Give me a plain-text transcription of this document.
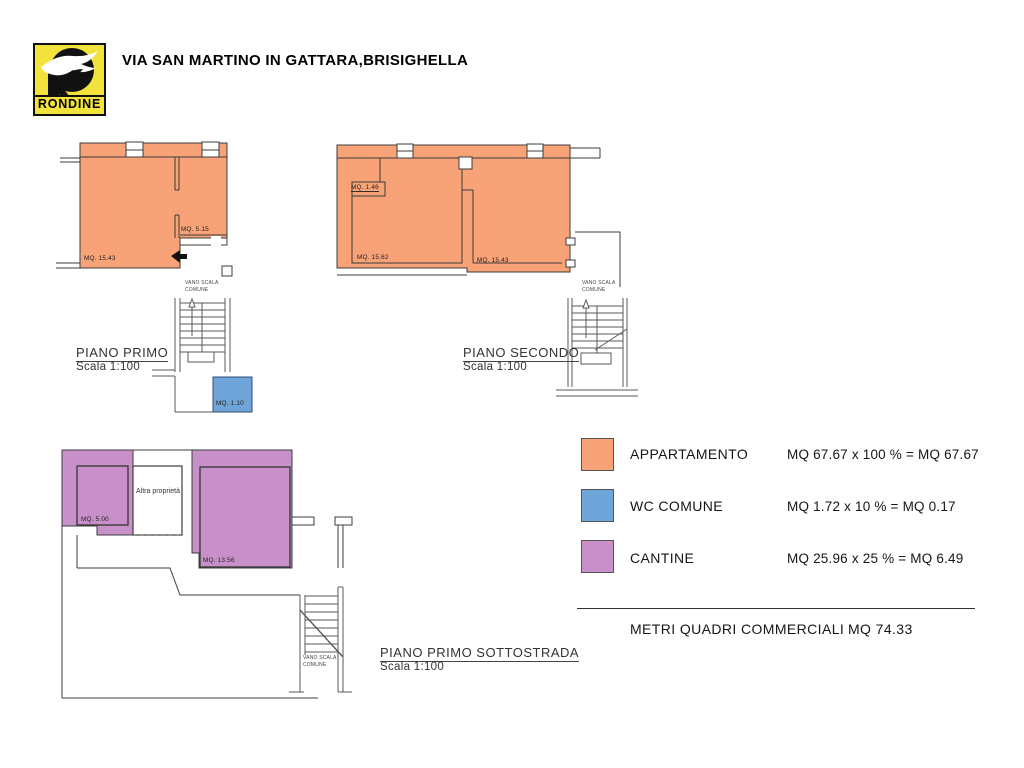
RONDINE
VIA SAN MARTINO IN GATTARA,BRISIGHELLA
MQ. 15.43
MQ. 5.15
MQ. 1.10
VANO SCALA
COMUNE
PIANO PRIMO
Scala 1:100
MQ. 1.46
MQ. 15.62	MQ. 15.43
VANO SCALA
COMUNE
PIANO SECONDO
Scala 1:100
MQ. 5.00
Altra proprietà
MQ. 13.56
VANO SCALA
COMUNE
PIANO PRIMO SOTTOSTRADA
Scala 1:100
APPARTAMENTO	MQ 67.67 x 100 % = MQ 67.67
WC COMUNE	MQ 1.72 x 10 % = MQ 0.17
CANTINE	MQ 25.96 x 25 % = MQ 6.49
METRI QUADRI COMMERCIALI MQ 74.33
